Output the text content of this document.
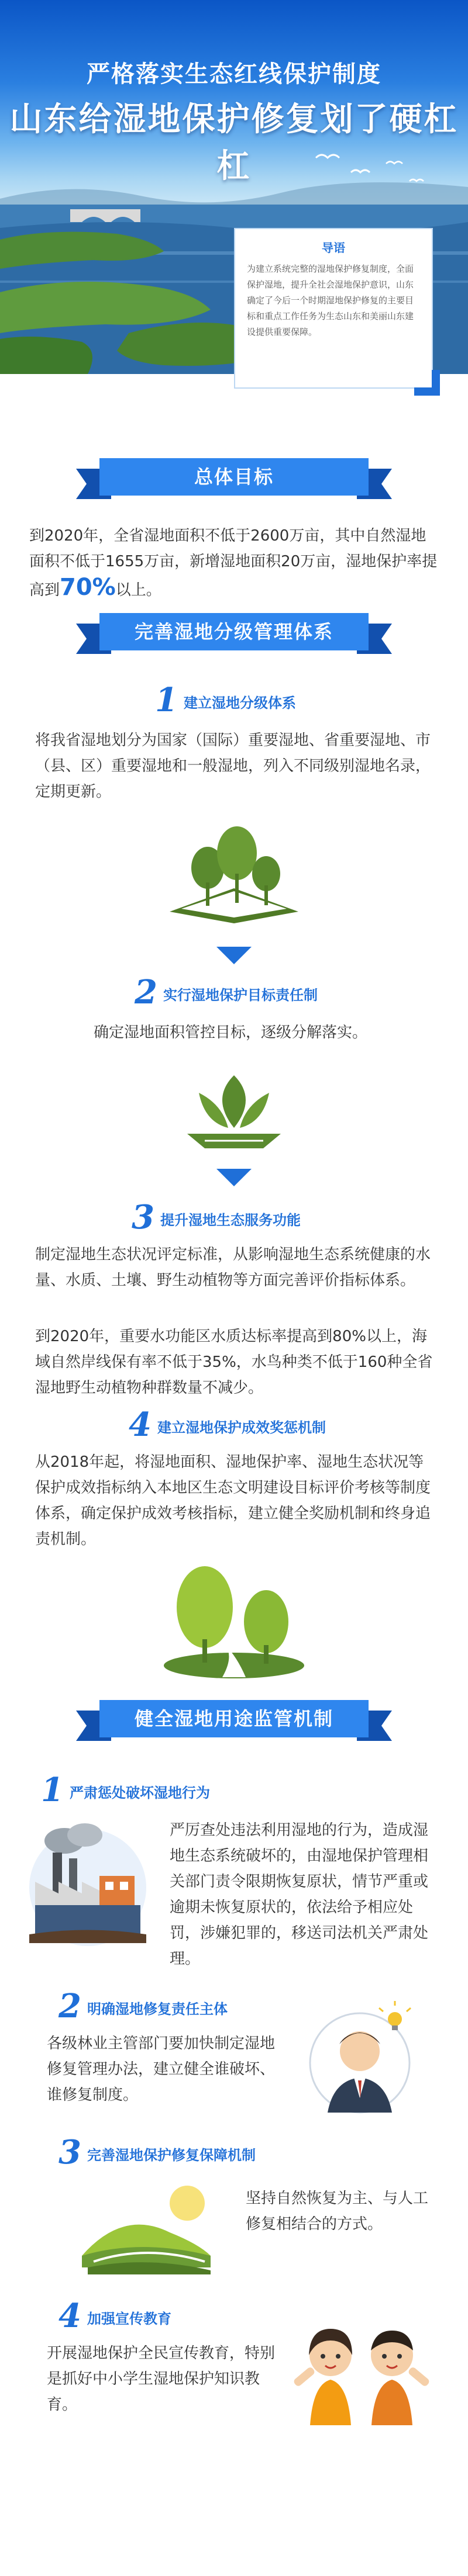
严格落实生态红线保护制度
山东给湿地保护修复划了硬杠杠
导语
为建立系统完整的湿地保护修复制度，全面保护湿地，提升全社会湿地保护意识，山东确定了今后一个时期湿地保护修复的主要目标和重点工作任务为生态山东和美丽山东建设提供重要保障。
总体目标
到2020年，全省湿地面积不低于2600万亩，其中自然湿地面积不低于1655万亩，新增湿地面积20万亩，湿地保护率提高到70%以上。
完善湿地分级管理体系
1 建立湿地分级体系
将我省湿地划分为国家（国际）重要湿地、省重要湿地、市（县、区）重要湿地和一般湿地，列入不同级别湿地名录，定期更新。
2 实行湿地保护目标责任制
确定湿地面积管控目标，逐级分解落实。
3 提升湿地生态服务功能
制定湿地生态状况评定标准，从影响湿地生态系统健康的水量、水质、土壤、野生动植物等方面完善评价指标体系。
到2020年，重要水功能区水质达标率提高到80%以上，海域自然岸线保有率不低于35%，水鸟种类不低于160种全省湿地野生动植物种群数量不减少。
4 建立湿地保护成效奖惩机制
从2018年起，将湿地面积、湿地保护率、湿地生态状况等保护成效指标纳入本地区生态文明建设目标评价考核等制度体系，确定保护成效考核指标，建立健全奖励机制和终身追责机制。
健全湿地用途监管机制
1 严肃惩处破坏湿地行为
严厉查处违法利用湿地的行为，造成湿地生态系统破坏的，由湿地保护管理相关部门责令限期恢复原状，情节严重或逾期未恢复原状的，依法给予相应处罚，涉嫌犯罪的，移送司法机关严肃处理。
2 明确湿地修复责任主体
各级林业主管部门要加快制定湿地修复管理办法，建立健全谁破坏、谁修复制度。
3 完善湿地保护修复保障机制
坚持自然恢复为主、与人工修复相结合的方式。
4 加强宣传教育
开展湿地保护全民宣传教育，特别是抓好中小学生湿地保护知识教育。
